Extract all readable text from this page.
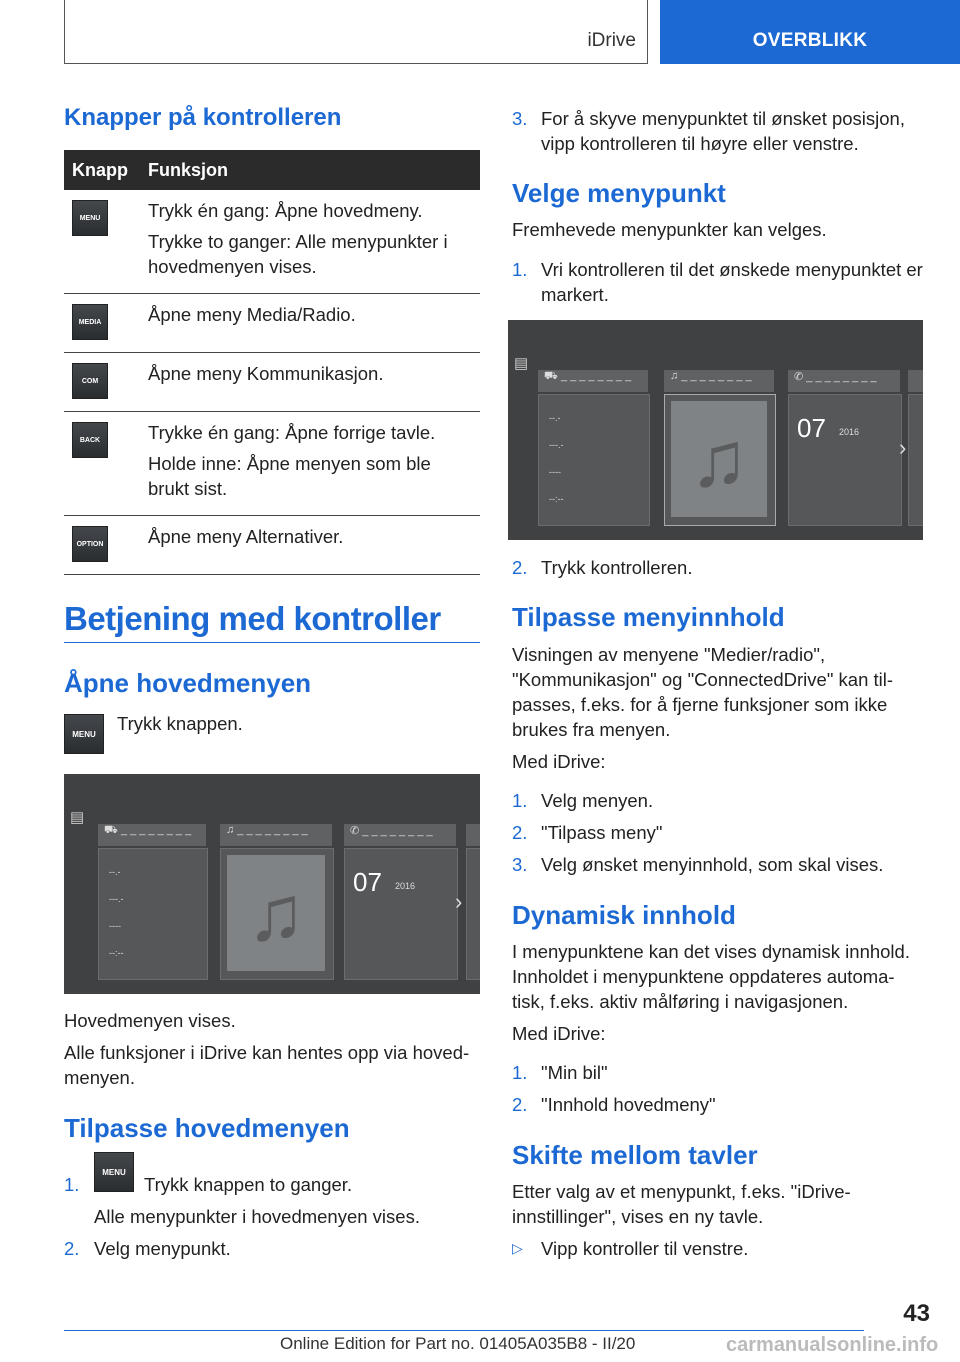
iDrive	OVERBLIKK
Knapper på kontrolleren
Knapp	Funksjon

MENU	Trykk én gang: Åpne hovedmeny.

Trykke to ganger: Alle menypunkter i hovedmenyen vises.

MEDIA	Åpne meny Media/Radio.

COM	Åpne meny Kommunikasjon.

BACK	Trykke én gang: Åpne forrige tavle.

Holde inne: Åpne menyen som ble brukt sist.

OPTION	Åpne meny Alternativer.

Betjening med kontroller
Åpne hovedmenyen
MENU	Trykk knappen.
▤
⛟ _ _ _ _ _ _ _ _
--.-
---.-
----
--:--
♫ _ _ _ _ _ _ _ _
♫
✆ _ _ _ _ _ _ _ _
07 2016
›
Hovedmenyen vises.
Alle funksjoner i iDrive kan hentes opp via hoved-menyen.
Tilpasse hovedmenyen
1.
MENU
Trykk knappen to ganger.
Alle menypunkter i hovedmenyen vises.
2. Velg menypunkt.
3. For å skyve menypunktet til ønsket posisjon, vipp kontrolleren til høyre eller venstre.
Velge menypunkt
Fremhevede menypunkter kan velges.
1. Vri kontrolleren til det ønskede menypunktet er markert.
▤
⛟ _ _ _ _ _ _ _ _
--.-
---.-
----
--:--
♫ _ _ _ _ _ _ _ _
♫
✆ _ _ _ _ _ _ _ _
07 2016
›
2. Trykk kontrolleren.
Tilpasse menyinnhold
Visningen av menyene "Medier/radio", "Kommunikasjon" og "ConnectedDrive" kan til-passes, f.eks. for å fjerne funksjoner som ikke brukes fra menyen.
Med iDrive:
1. Velg menyen.
2. "Tilpass meny"
3. Velg ønsket menyinnhold, som skal vises.
Dynamisk innhold
I menypunktene kan det vises dynamisk innhold. Innholdet i menypunktene oppdateres automa-tisk, f.eks. aktiv målføring i navigasjonen.
Med iDrive:
1. "Min bil"
2. "Innhold hovedmeny"
Skifte mellom tavler
Etter valg av et menypunkt, f.eks. "iDrive-innstillinger", vises en ny tavle.
▷ Vipp kontroller til venstre.
43
Online Edition for Part no. 01405A035B8 - II/20	carmanualsonline.info
